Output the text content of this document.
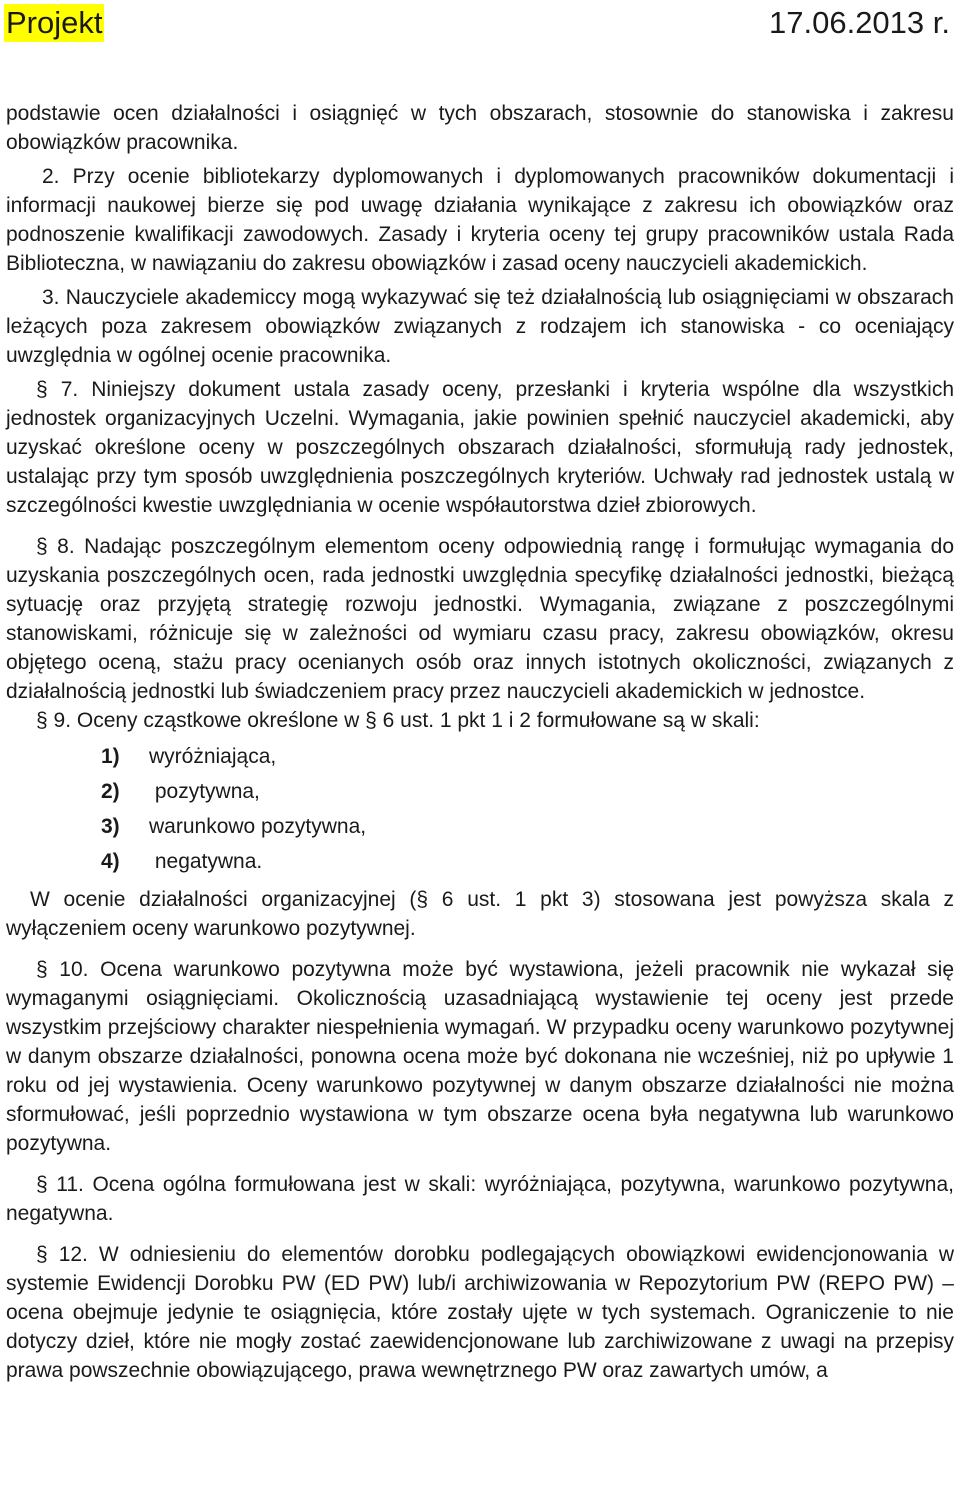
Projekt	17.06.2013 r.

podstawie ocen działalności i osiągnięć w tych obszarach, stosownie do stanowiska i zakresu obowiązków pracownika.

2. Przy ocenie bibliotekarzy dyplomowanych i dyplomowanych pracowników dokumentacji i informacji naukowej bierze się pod uwagę działania wynikające z zakresu ich obowiązków oraz podnoszenie kwalifikacji zawodowych. Zasady i kryteria oceny tej grupy pracowników ustala Rada Biblioteczna, w nawiązaniu do zakresu obowiązków i zasad oceny nauczycieli akademickich.

3. Nauczyciele akademiccy mogą wykazywać się też działalnością lub osiągnięciami w obszarach leżących poza zakresem obowiązków związanych z rodzajem ich stanowiska - co oceniający uwzględnia w ogólnej ocenie pracownika.

§ 7. Niniejszy dokument ustala zasady oceny, przesłanki i kryteria wspólne dla wszystkich jednostek organizacyjnych Uczelni. Wymagania, jakie powinien spełnić nauczyciel akademicki, aby uzyskać określone oceny w poszczególnych obszarach działalności, sformułują rady jednostek, ustalając przy tym sposób uwzględnienia poszczególnych kryteriów. Uchwały rad jednostek ustalą w szczególności kwestie uwzględniania w ocenie współautorstwa dzieł zbiorowych.

§ 8. Nadając poszczególnym elementom oceny odpowiednią rangę i formułując wymagania do uzyskania poszczególnych ocen, rada jednostki uwzględnia specyfikę działalności jednostki, bieżącą sytuację oraz przyjętą strategię rozwoju jednostki. Wymagania, związane z poszczególnymi stanowiskami, różnicuje się w zależności od wymiaru czasu pracy, zakresu obowiązków, okresu objętego oceną, stażu pracy ocenianych osób oraz innych istotnych okoliczności, związanych z działalnością jednostki lub świadczeniem pracy przez nauczycieli akademickich w jednostce.

§ 9. Oceny cząstkowe określone w § 6 ust. 1 pkt 1 i 2 formułowane są w skali:

1) wyróżniająca,
2) pozytywna,
3) warunkowo pozytywna,
4) negatywna.

W ocenie działalności organizacyjnej (§ 6 ust. 1 pkt 3) stosowana jest powyższa skala z wyłączeniem oceny warunkowo pozytywnej.

§ 10. Ocena warunkowo pozytywna może być wystawiona, jeżeli pracownik nie wykazał się wymaganymi osiągnięciami. Okolicznością uzasadniającą wystawienie tej oceny jest przede wszystkim przejściowy charakter niespełnienia wymagań. W przypadku oceny warunkowo pozytywnej w danym obszarze działalności, ponowna ocena może być dokonana nie wcześniej, niż po upływie 1 roku od jej wystawienia. Oceny warunkowo pozytywnej w danym obszarze działalności nie można sformułować, jeśli poprzednio wystawiona w tym obszarze ocena była negatywna lub warunkowo pozytywna.

§ 11. Ocena ogólna formułowana jest w skali: wyróżniająca, pozytywna, warunkowo pozytywna, negatywna.

§ 12. W odniesieniu do elementów dorobku podlegających obowiązkowi ewidencjonowania w systemie Ewidencji Dorobku PW (ED PW) lub/i archiwizowania w Repozytorium PW (REPO PW) – ocena obejmuje jedynie te osiągnięcia, które zostały ujęte w tych systemach. Ograniczenie to nie dotyczy dzieł, które nie mogły zostać zaewidencjonowane lub zarchiwizowane z uwagi na przepisy prawa powszechnie obowiązującego, prawa wewnętrznego PW oraz zawartych umów, a
